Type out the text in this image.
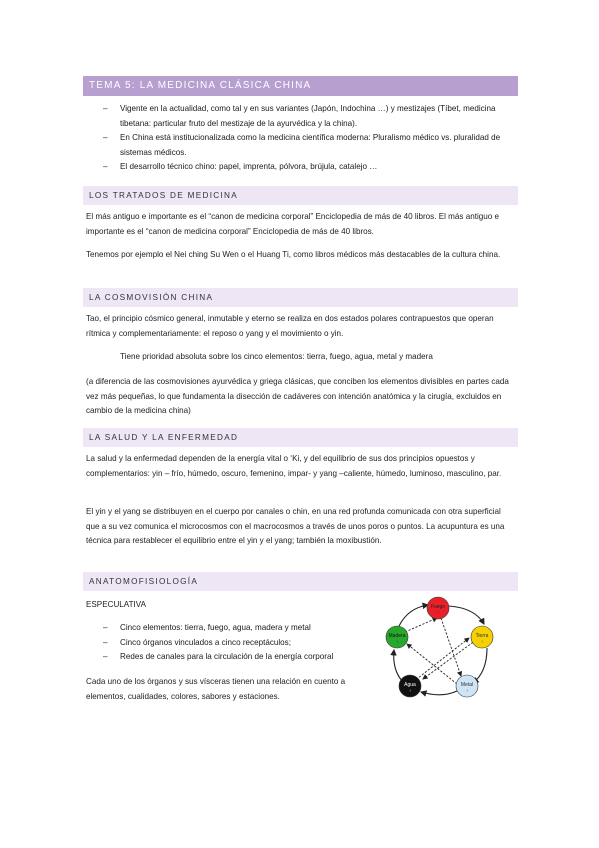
TEMA 5: LA MEDICINA CLÁSICA CHINA
– Vigente en la actualidad, como tal y en sus variantes (Japón, Indochina …) y mestizajes (Tíbet, medicina tibetana: particular fruto del mestizaje de la ayurvédica y la china).
– En China está institucionalizada como la medicina científica moderna: Pluralismo médico vs. pluralidad de sistemas médicos.
– El desarrollo técnico chino: papel, imprenta, pólvora, brújula, catalejo …
LOS TRATADOS DE MEDICINA
El más antiguo e importante es el “canon de medicina corporal” Enciclopedia de más de 40 libros. El más antiguo e importante es el “canon de medicina corporal” Enciclopedia de más de 40 libros.
Tenemos por ejemplo el Nei ching Su Wen o el Huang Ti, como libros médicos más destacables de la cultura china.
LA COSMOVISIÓN CHINA
Tao, el principio cósmico general, inmutable y eterno se realiza en dos estados polares contrapuestos que operan rítmica y complementariamente: el reposo o yang y el movimiento o yin.
Tiene prioridad absoluta sobre los cinco elementos: tierra, fuego, agua, metal y madera
(a diferencia de las cosmovisiones ayurvédica y griega clásicas, que conciben los elementos divisibles en partes cada vez más pequeñas, lo que fundamenta la disección de cadáveres con intención anatómica y la cirugía, excluidos en cambio de la medicina china)
LA SALUD Y LA ENFERMEDAD
La salud y la enfermedad dependen de la energía vital o ‘Ki, y del equilibrio de sus dos principios opuestos y complementarios: yin – frío, húmedo, oscuro, femenino, impar- y yang –caliente, húmedo, luminoso, masculino, par.
El yin y el yang se distribuyen en el cuerpo por canales o chin, en una red profunda comunicada con otra superficial que a su vez comunica el microcosmos con el macrocosmos a través de unos poros o puntos. La acupuntura es una técnica para restablecer el equilibrio entre el yin y el yang; también la moxibustión.
ANATOMOFISIOLOGÍA
ESPECULATIVA
– Cinco elementos: tierra, fuego, agua, madera y metal
– Cinco órganos vinculados a cinco receptáculos;
– Redes de canales para la circulación de la energía corporal
Cada uno de los órganos y sus vísceras tienen una relación en cuento a elementos, cualidades, colores, sabores y estaciones.
Fuego
↑
Tierra
↑
Metal
↑
Agua
↑
Madera
↑
